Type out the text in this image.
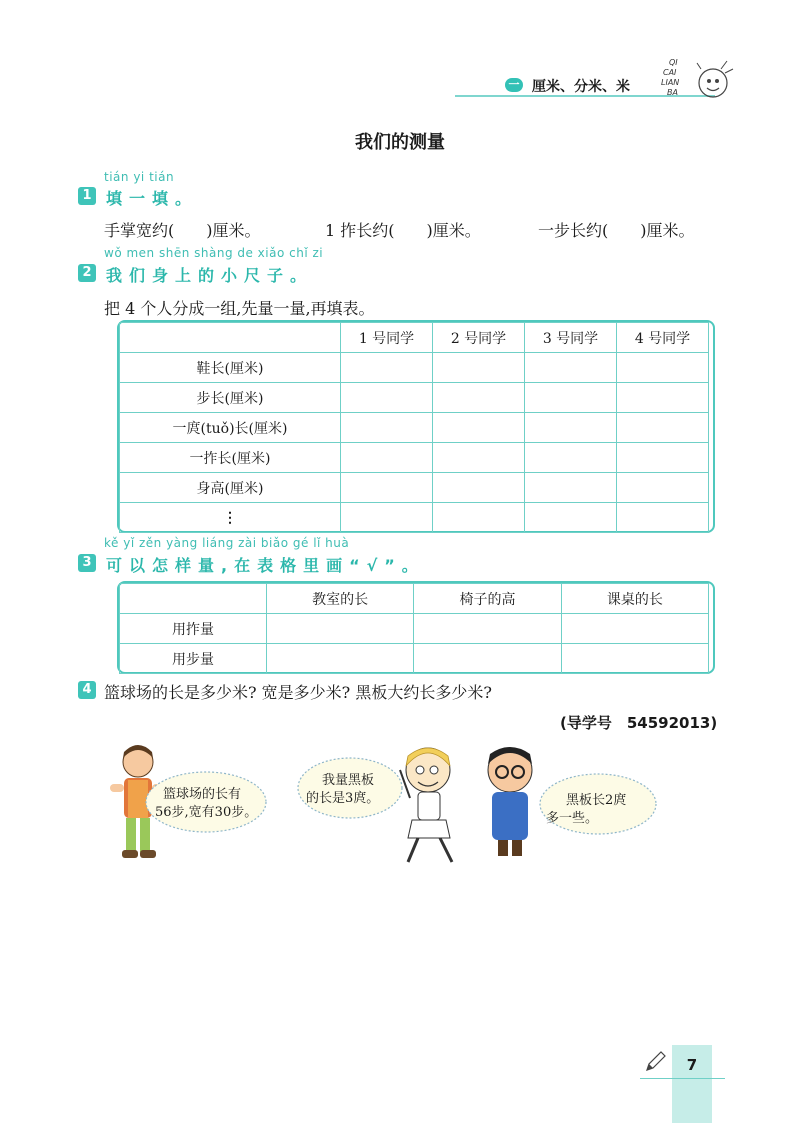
一 厘米、分米、米
QI
CAI
LIAN
BA
我们的测量
tián yi tián
1 填一填。
手掌宽约(　　)厘米。	1 拃长约(　　)厘米。	一步长约(　　)厘米。
wǒ men shēn shàng de xiǎo chǐ zi
2 我们身上的小尺子。
把 4 个人分成一组,先量一量,再填表。
	1 号同学	2 号同学	3 号同学	4 号同学
鞋长(厘米)				
步长(厘米)				
一庹(tuǒ)长(厘米)				
一拃长(厘米)				
身高(厘米)				
⋮				
kě yǐ zěn yàng liáng zài biǎo gé lǐ huà
3 可以怎样量,在表格里画“√”。
	教室的长	椅子的高	课桌的长
用拃量			
用步量			
4 篮球场的长是多少米? 宽是多少米? 黑板大约长多少米?
(导学号　54592013)
篮球场的长有
56步,宽有30步。
我量黑板
的长是3庹。	黑板长2庹
多一些。
7
